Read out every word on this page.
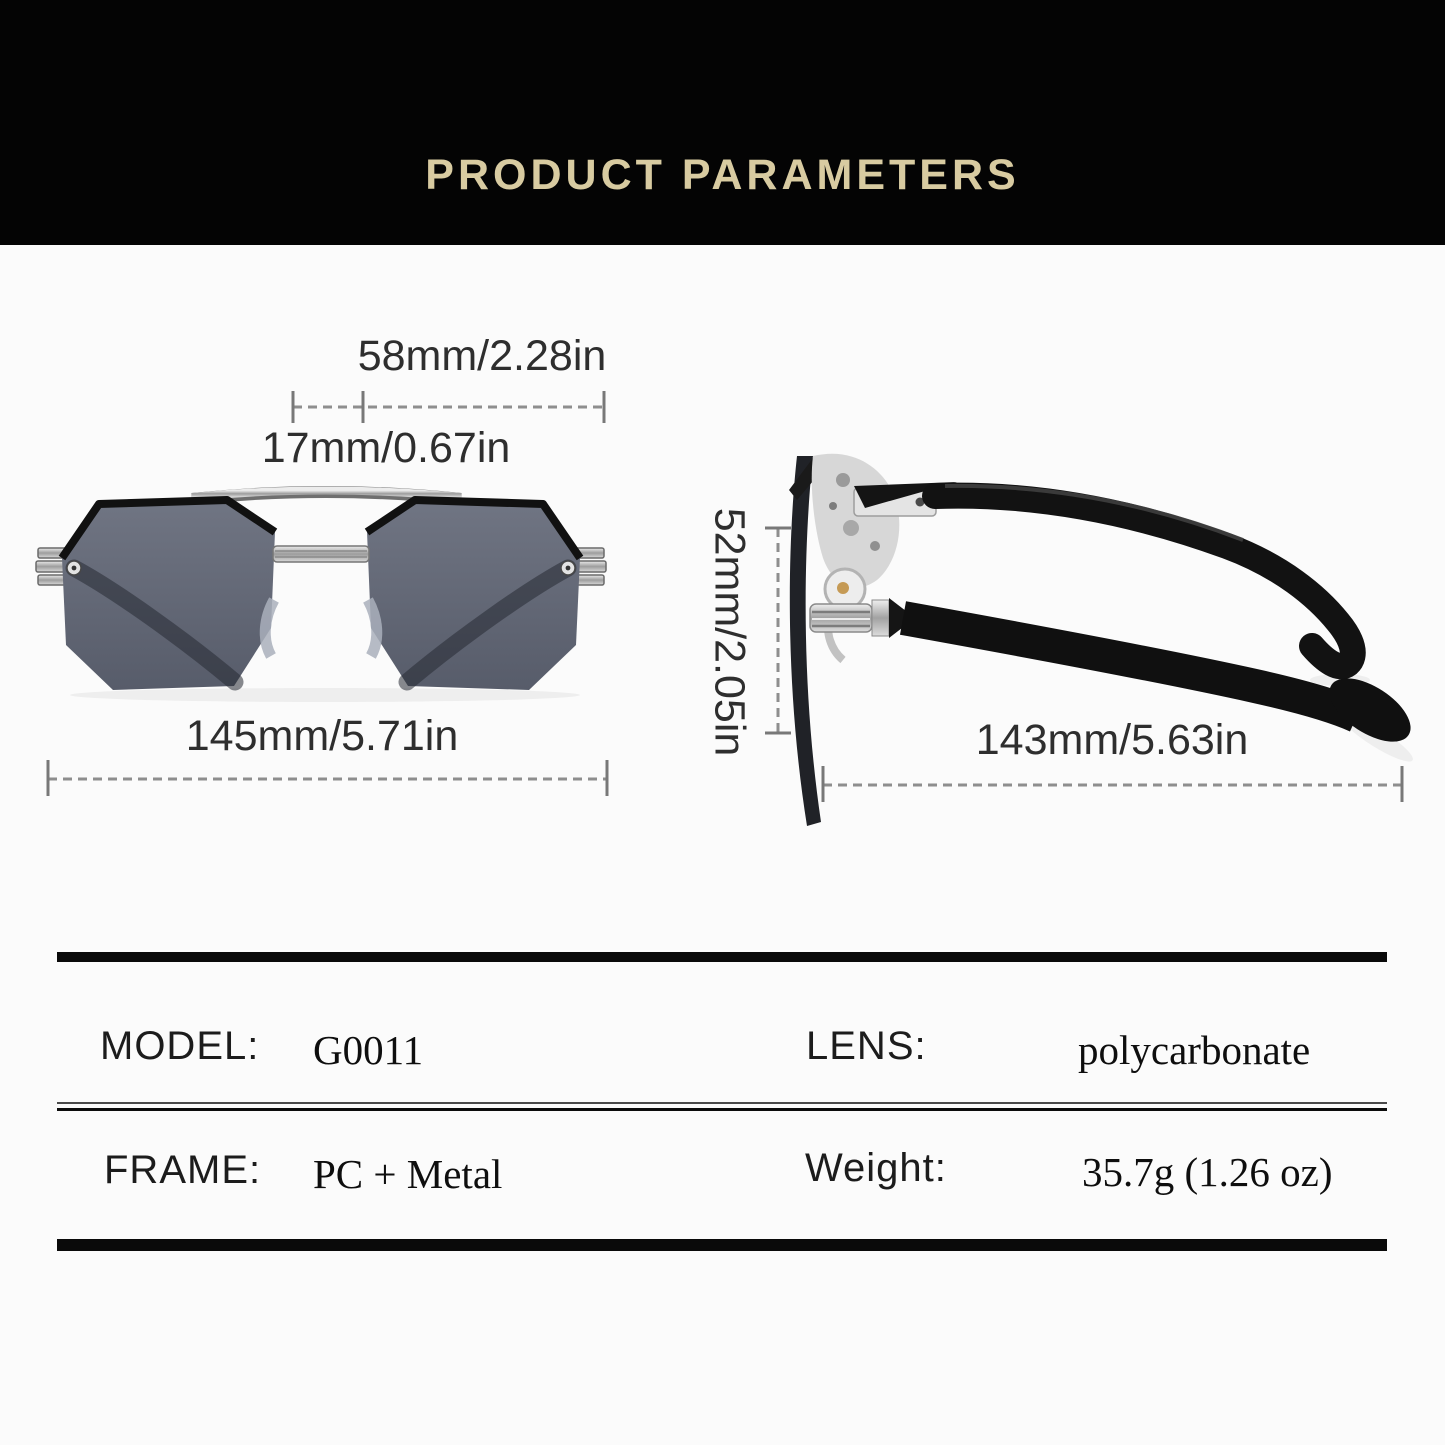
PRODUCT PARAMETERS
58mm/2.28in
17mm/0.67in
145mm/5.71in	52mm/2.05in	143mm/5.63in
MODEL: G0011	LENS:	polycarbonate
FRAME: PC + Metal	Weight:	35.7g (1.26 oz)
